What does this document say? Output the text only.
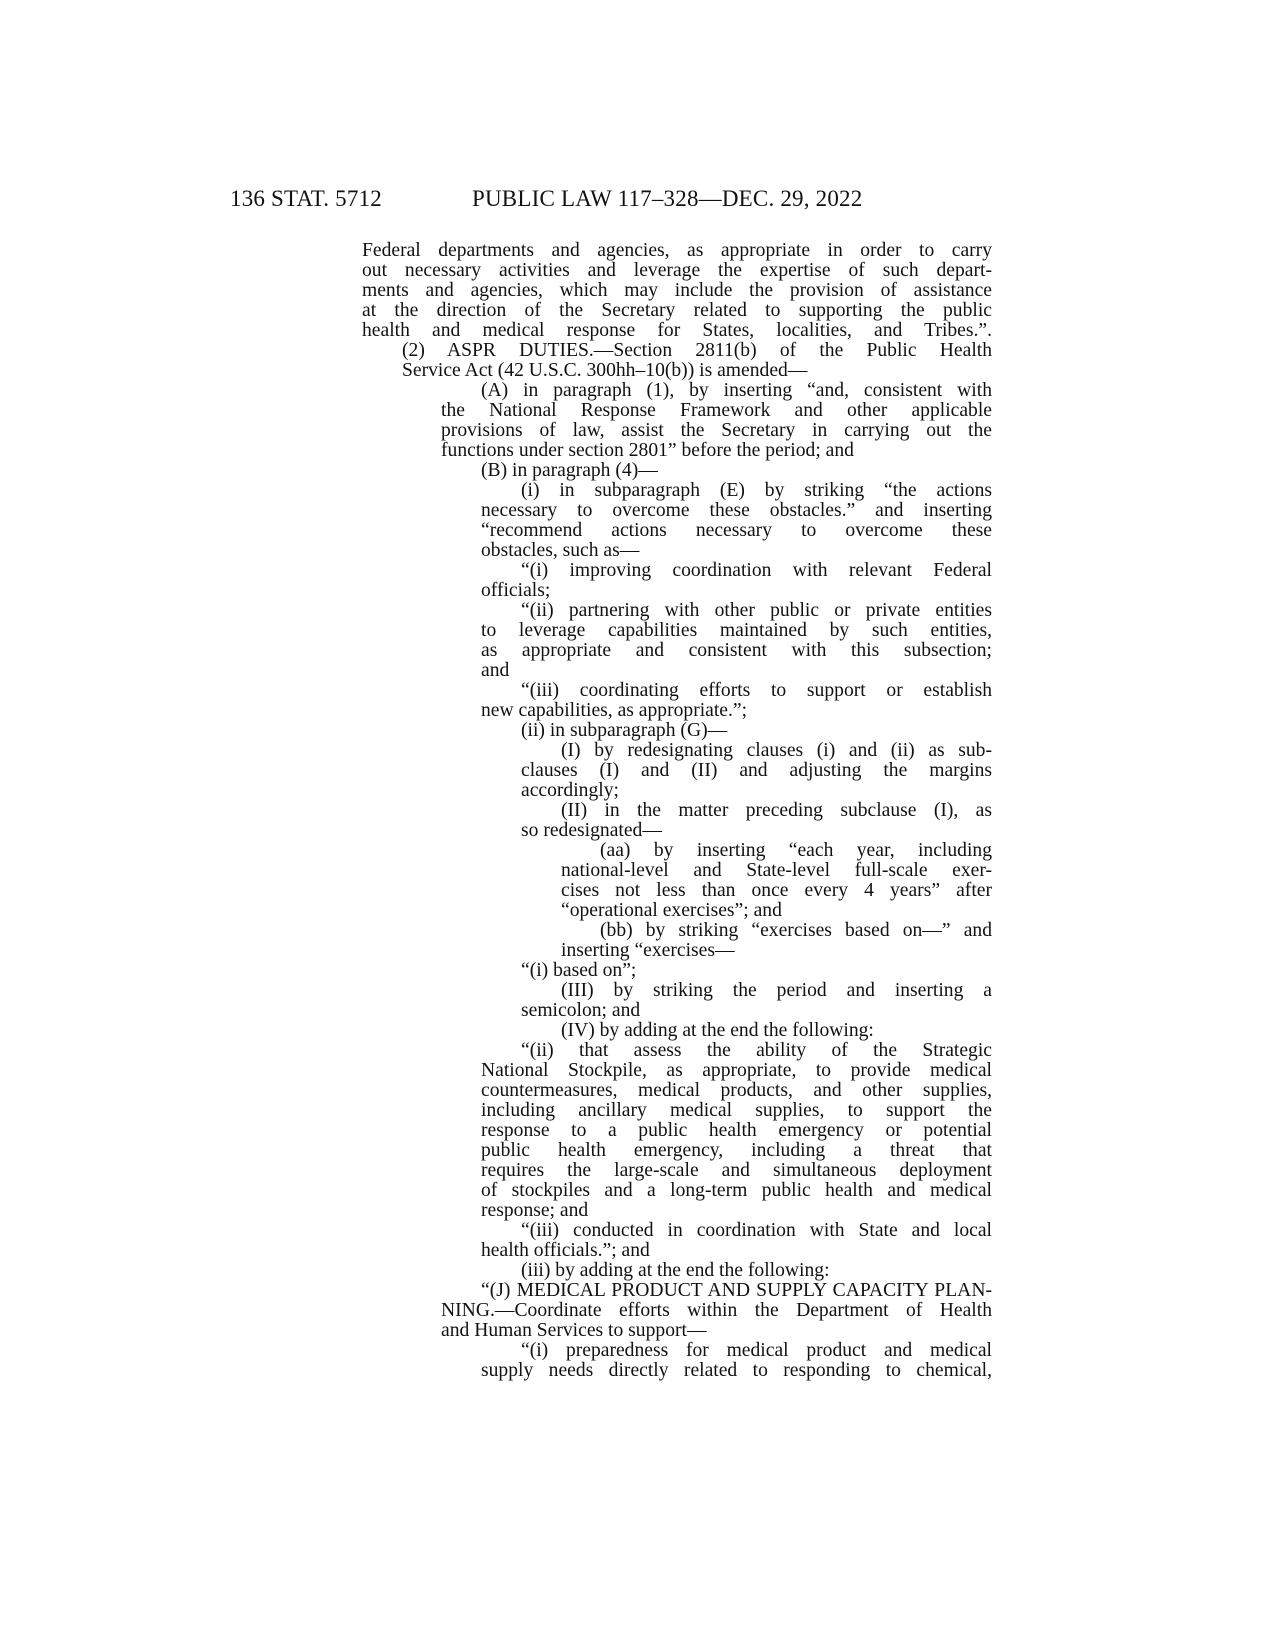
136 STAT. 5712	PUBLIC LAW 117–328—DEC. 29, 2022
Federal departments and agencies, as appropriate in order to carry
out necessary activities and leverage the expertise of such depart-
ments and agencies, which may include the provision of assistance
at the direction of the Secretary related to supporting the public
health and medical response for States, localities, and Tribes.”.
(2) ASPR DUTIES.—Section 2811(b) of the Public Health
Service Act (42 U.S.C. 300hh–10(b)) is amended—
(A) in paragraph (1), by inserting “and, consistent with
the National Response Framework and other applicable
provisions of law, assist the Secretary in carrying out the
functions under section 2801” before the period; and
(B) in paragraph (4)—
(i) in subparagraph (E) by striking “the actions
necessary to overcome these obstacles.” and inserting
“recommend actions necessary to overcome these
obstacles, such as—
“(i) improving coordination with relevant Federal
officials;
“(ii) partnering with other public or private entities
to leverage capabilities maintained by such entities,
as appropriate and consistent with this subsection;
and
“(iii) coordinating efforts to support or establish
new capabilities, as appropriate.”;
(ii) in subparagraph (G)—
(I) by redesignating clauses (i) and (ii) as sub-
clauses (I) and (II) and adjusting the margins
accordingly;
(II) in the matter preceding subclause (I), as
so redesignated—
(aa) by inserting “each year, including
national-level and State-level full-scale exer-
cises not less than once every 4 years” after
“operational exercises”; and
(bb) by striking “exercises based on—” and
inserting “exercises—
“(i) based on”;
(III) by striking the period and inserting a
semicolon; and
(IV) by adding at the end the following:
“(ii) that assess the ability of the Strategic
National Stockpile, as appropriate, to provide medical
countermeasures, medical products, and other supplies,
including ancillary medical supplies, to support the
response to a public health emergency or potential
public health emergency, including a threat that
requires the large-scale and simultaneous deployment
of stockpiles and a long-term public health and medical
response; and
“(iii) conducted in coordination with State and local
health officials.”; and
(iii) by adding at the end the following:
“(J) MEDICAL PRODUCT AND SUPPLY CAPACITY PLAN-
NING.—Coordinate efforts within the Department of Health
and Human Services to support—
“(i) preparedness for medical product and medical
supply needs directly related to responding to chemical,
